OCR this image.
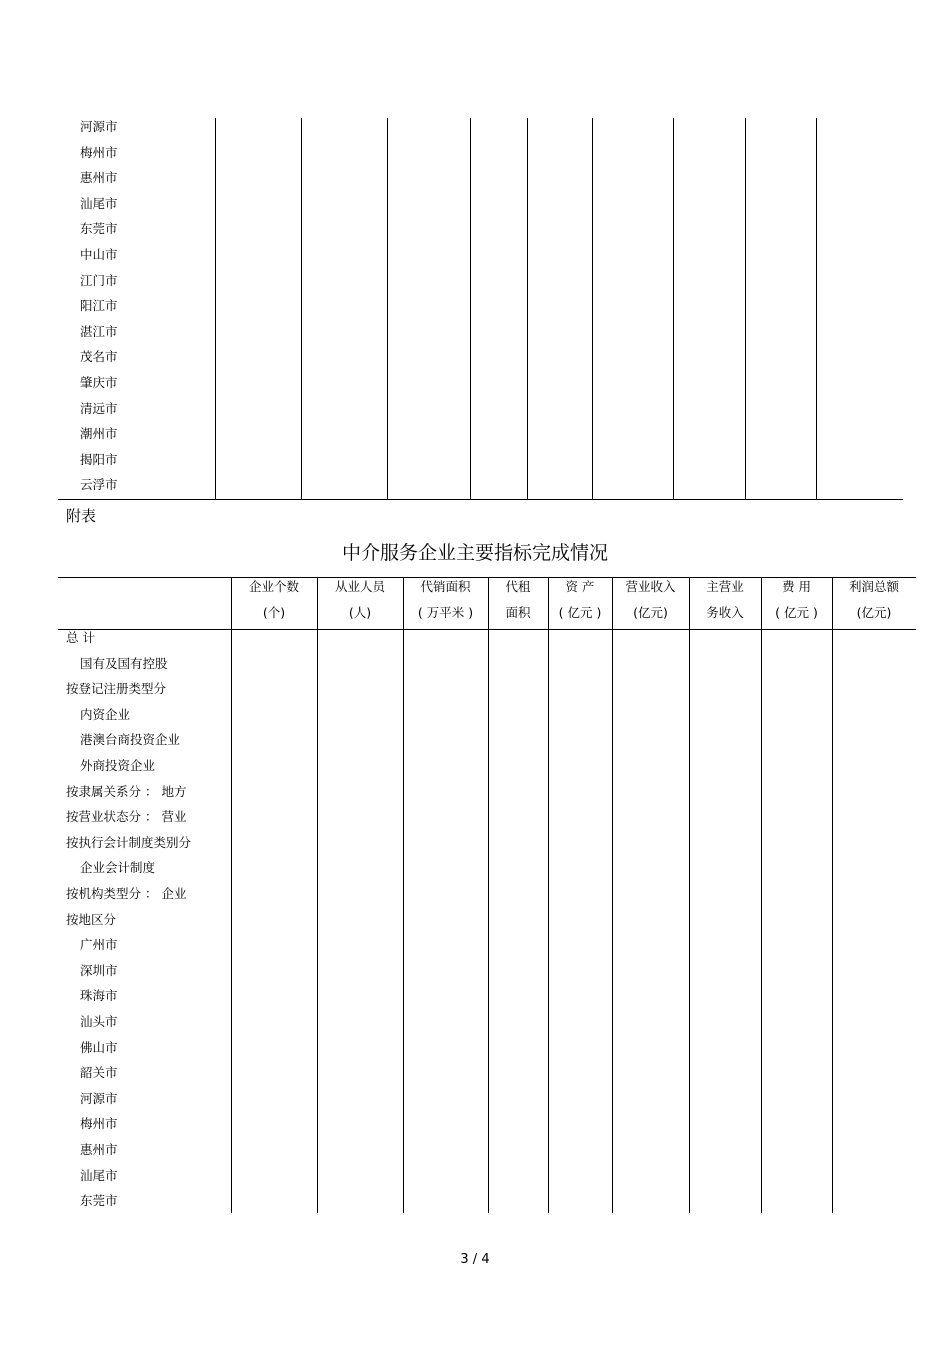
河源市
梅州市
惠州市
汕尾市
东莞市
中山市
江门市
阳江市
湛江市
茂名市
肇庆市
清远市
潮州市
揭阳市
云浮市
附表
中介服务企业主要指标完成情况
企业个数
(个)
从业人员
(人)
代销面积
( 万平米 )
代租
面积
资 产
( 亿元 )
营业收入
(亿元)
主营业
务收入
费 用
( 亿元 )
利润总额
(亿元)
总 计
国有及国有控股
按登记注册类型分
内资企业
港澳台商投资企业
外商投资企业
按隶属关系分 ： 地方
按营业状态分 ： 营业
按执行会计制度类别分
企业会计制度
按机构类型分 ： 企业
按地区分
广州市
深圳市
珠海市
汕头市
佛山市
韶关市
河源市
梅州市
惠州市
汕尾市
东莞市
3 / 4
